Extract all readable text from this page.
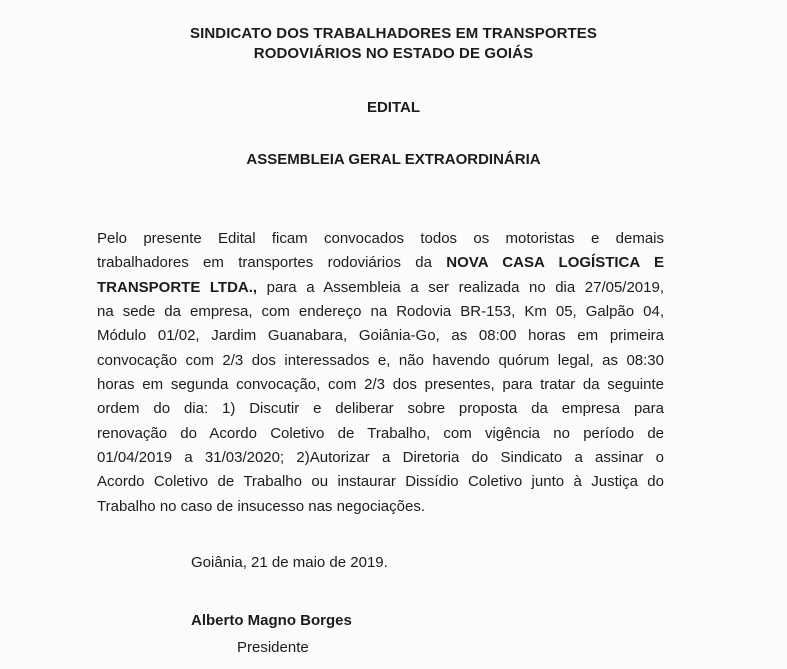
SINDICATO DOS TRABALHADORES EM TRANSPORTES
RODOVIÁRIOS NO ESTADO DE GOIÁS
EDITAL
ASSEMBLEIA GERAL EXTRAORDINÁRIA
Pelo presente Edital ficam convocados todos os motoristas e demais
trabalhadores em transportes rodoviários da NOVA CASA LOGÍSTICA E
TRANSPORTE LTDA., para a Assembleia a ser realizada no dia 27/05/2019,
na sede da empresa, com endereço na Rodovia BR-153, Km 05, Galpão 04,
Módulo 01/02, Jardim Guanabara, Goiânia-Go, as 08:00 horas em primeira
convocação com 2/3 dos interessados e, não havendo quórum legal, as 08:30
horas em segunda convocação, com 2/3 dos presentes, para tratar da seguinte
ordem do dia: 1) Discutir e deliberar sobre proposta da empresa para
renovação do Acordo Coletivo de Trabalho, com vigência no período de
01/04/2019 a 31/03/2020; 2)Autorizar a Diretoria do Sindicato a assinar o
Acordo Coletivo de Trabalho ou instaurar Dissídio Coletivo junto à Justiça do
Trabalho no caso de insucesso nas negociações.
Goiânia, 21 de maio de 2019.
Alberto Magno Borges
Presidente
